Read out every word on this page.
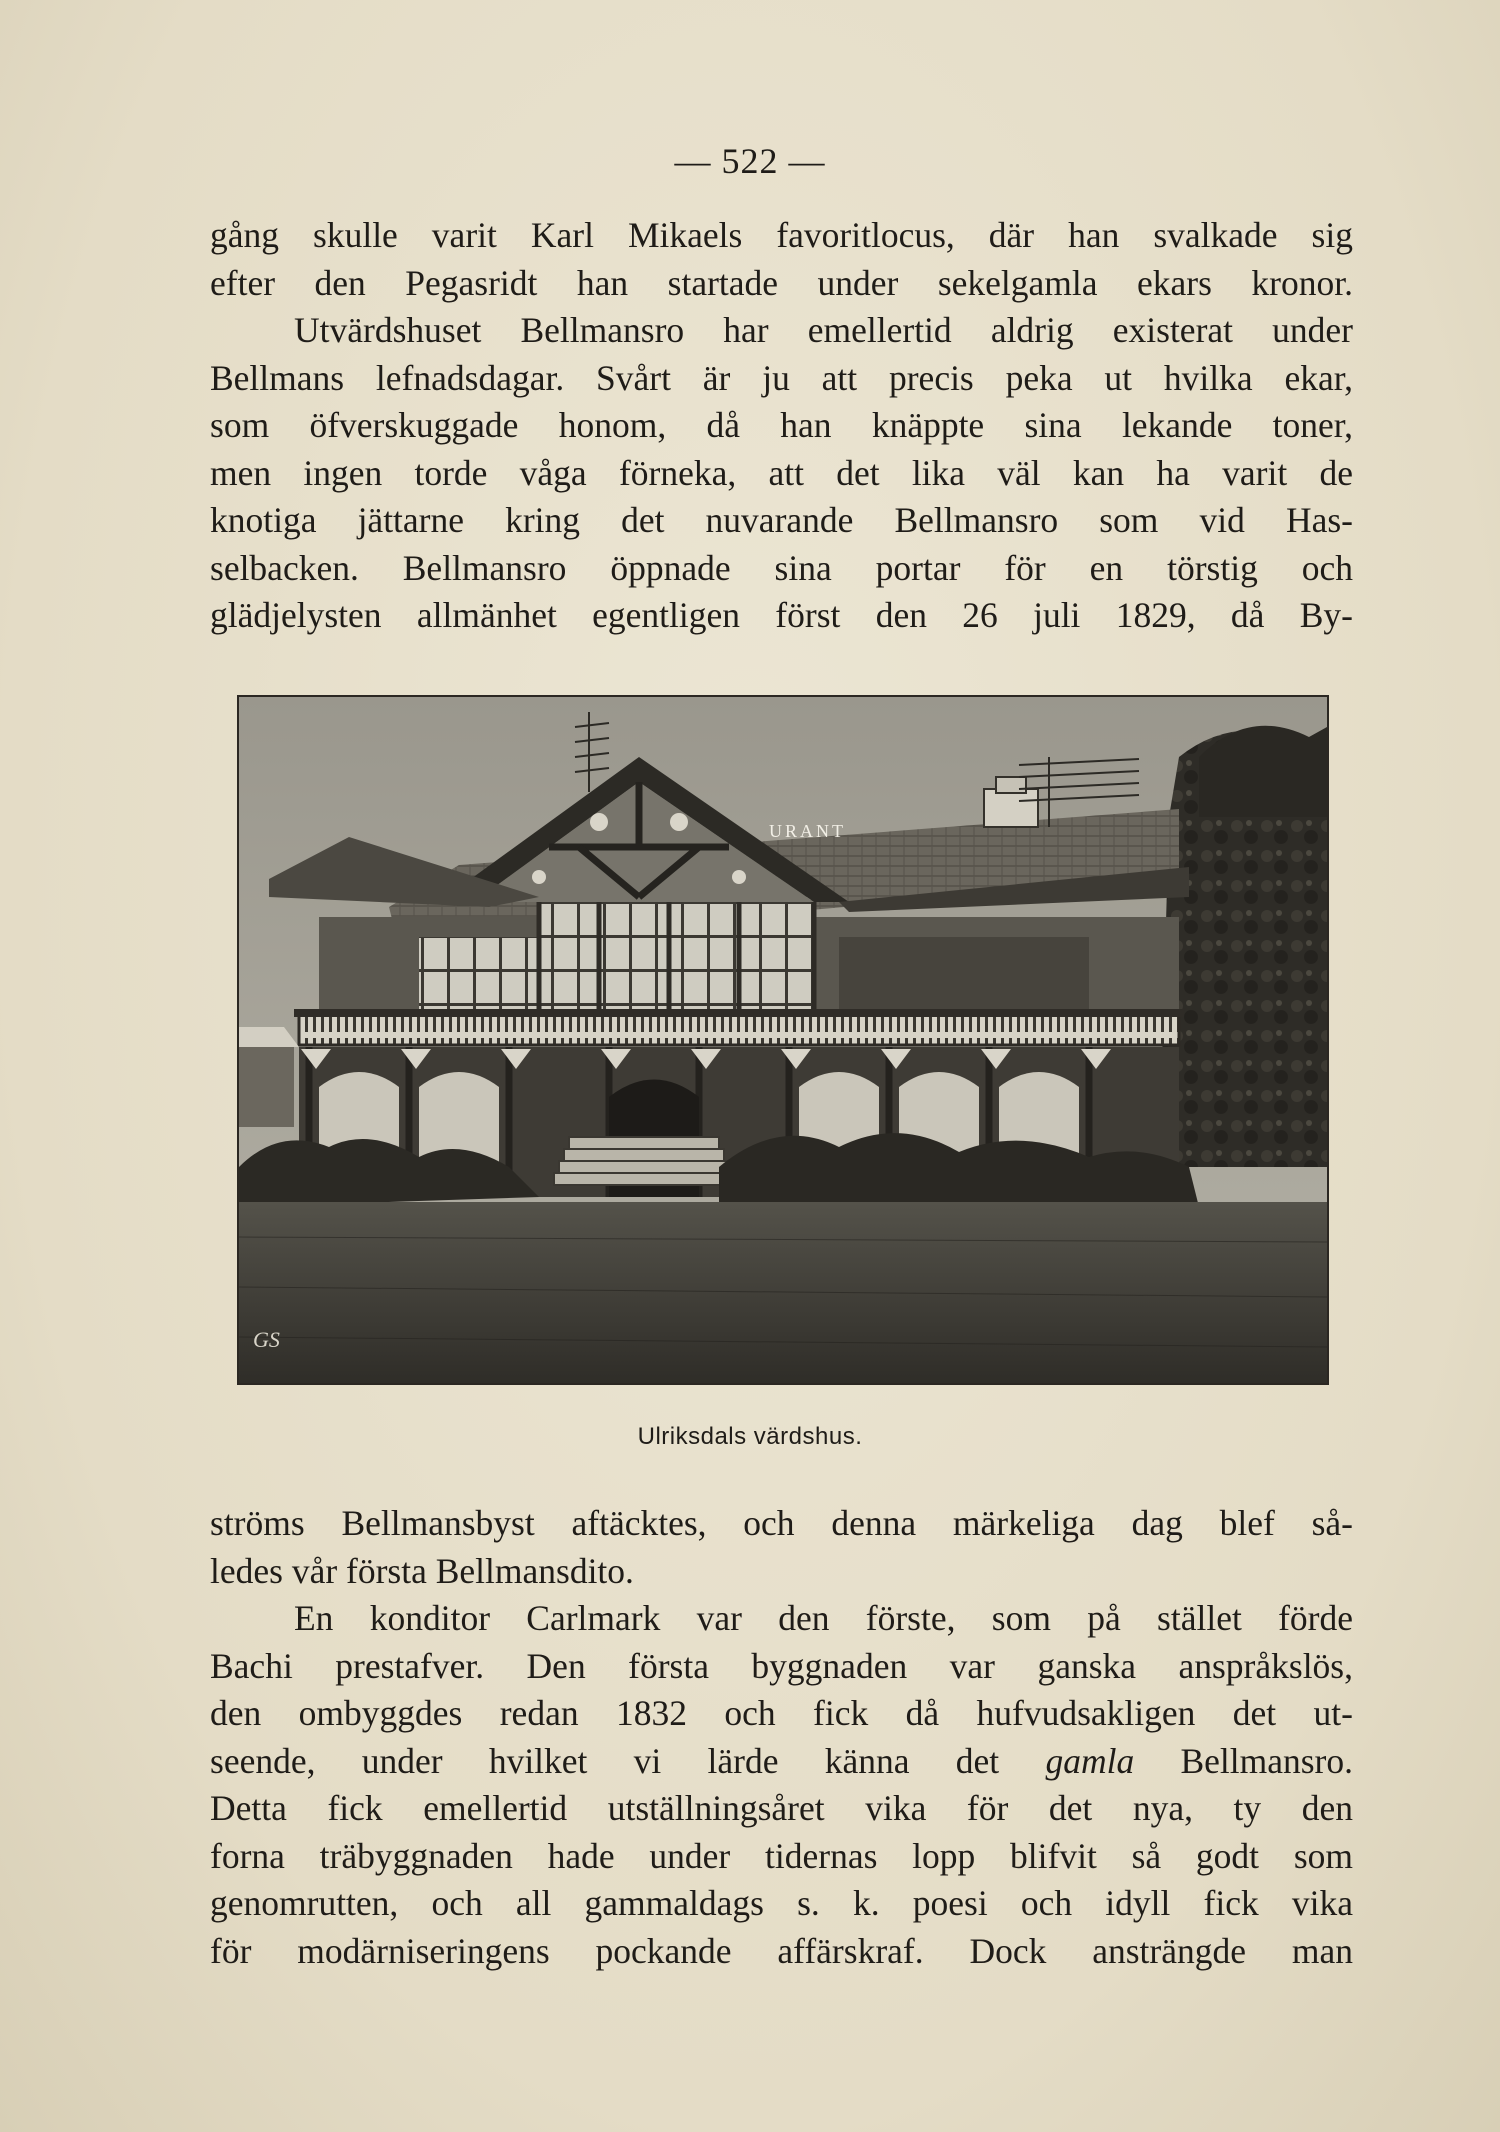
— 522 —
gång skulle varit Karl Mikaels favoritlocus, där han svalkade sig
efter den Pegasridt han startade under sekelgamla ekars kronor.
Utvärdshuset Bellmansro har emellertid aldrig existerat under
Bellmans lefnadsdagar. Svårt är ju att precis peka ut hvilka ekar,
som öfverskuggade honom, då han knäppte sina lekande toner,
men ingen torde våga förneka, att det lika väl kan ha varit de
knotiga jättarne kring det nuvarande Bellmansro som vid Has-
selbacken. Bellmansro öppnade sina portar för en törstig och
glädjelysten allmänhet egentligen först den 26 juli 1829, då By-
URANT
GS
Ulriksdals värdshus.
ströms Bellmansbyst aftäcktes, och denna märkeliga dag blef så-
ledes vår första Bellmansdito.
En konditor Carlmark var den förste, som på stället förde
Bachi prestafver. Den första byggnaden var ganska anspråkslös,
den ombyggdes redan 1832 och fick då hufvudsakligen det ut-
seende, under hvilket vi lärde känna det gamla Bellmansro.
Detta fick emellertid utställningsåret vika för det nya, ty den
forna träbyggnaden hade under tidernas lopp blifvit så godt som
genomrutten, och all gammaldags s. k. poesi och idyll fick vika
för modärniseringens pockande affärskraf. Dock ansträngde man
